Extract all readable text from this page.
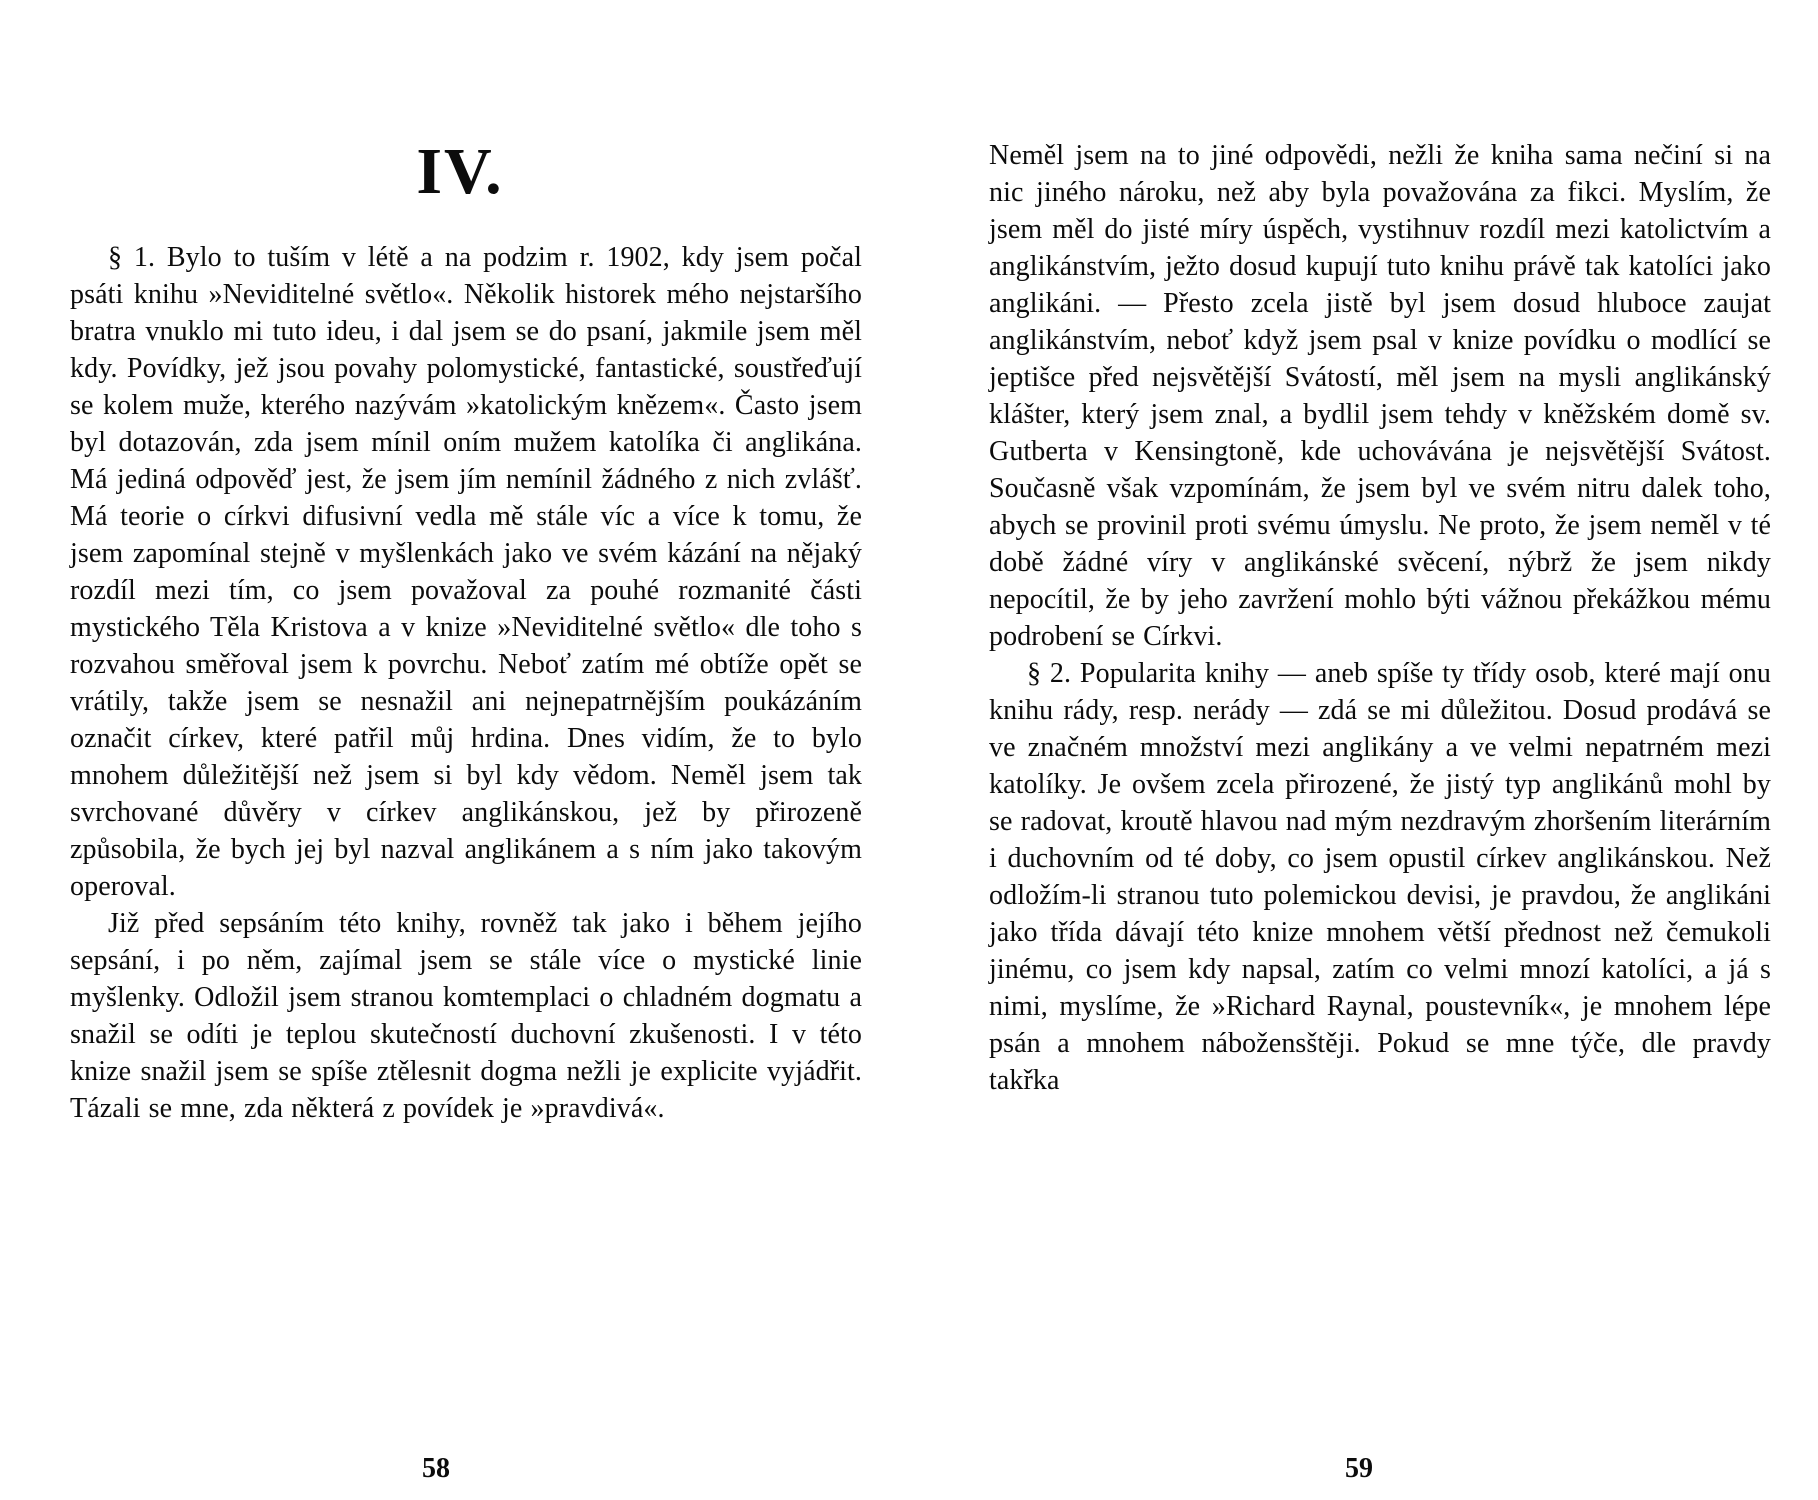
IV.

§ 1. Bylo to tuším v létě a na podzim r. 1902, kdy jsem počal psáti knihu »Neviditelné světlo«. Několik historek mého nejstaršího bratra vnuklo mi tuto ideu, i dal jsem se do psaní, jakmile jsem měl kdy. Povídky, jež jsou povahy polomystické, fantastické, soustřeďují se kolem muže, kterého nazývám »katolickým knězem«. Často jsem byl dotazován, zda jsem mínil oním mužem katolíka či anglikána. Má jediná odpověď jest, že jsem jím nemínil žádného z nich zvlášť. Má teorie o církvi difusivní vedla mě stále víc a více k tomu, že jsem zapomínal stejně v myšlenkách jako ve svém kázání na nějaký rozdíl mezi tím, co jsem považoval za pouhé rozmanité části mystického Těla Kristova a v knize »Neviditelné světlo« dle toho s rozvahou směřoval jsem k povrchu. Neboť zatím mé obtíže opět se vrátily, takže jsem se nesnažil ani nejnepatrnějším poukázáním označit církev, které patřil můj hrdina. Dnes vidím, že to bylo mnohem důležitější než jsem si byl kdy vědom. Neměl jsem tak svrchované důvěry v církev anglikánskou, jež by přirozeně způsobila, že bych jej byl nazval anglikánem a s ním jako takovým operoval.

Již před sepsáním této knihy, rovněž tak jako i během jejího sepsání, i po něm, zajímal jsem se stále více o mystické linie myšlenky. Odložil jsem stranou komtemplaci o chladném dogmatu a snažil se odíti je teplou skutečností duchovní zkušenosti. I v této knize snažil jsem se spíše ztělesnit dogma nežli je explicite vyjádřit. Tázali se mne, zda některá z povídek je »pravdivá«.

58

Neměl jsem na to jiné odpovědi, nežli že kniha sama nečiní si na nic jiného nároku, než aby byla považována za fikci. Myslím, že jsem měl do jisté míry úspěch, vystihnuv rozdíl mezi katolictvím a anglikánstvím, ježto dosud kupují tuto knihu právě tak katolíci jako anglikáni. — Přesto zcela jistě byl jsem dosud hluboce zaujat anglikánstvím, neboť když jsem psal v knize povídku o modlící se jeptišce před nejsvětější Svátostí, měl jsem na mysli anglikánský klášter, který jsem znal, a bydlil jsem tehdy v kněžském domě sv. Gutberta v Kensingtoně, kde uchovávána je nejsvětější Svátost. Současně však vzpomínám, že jsem byl ve svém nitru dalek toho, abych se provinil proti svému úmyslu. Ne proto, že jsem neměl v té době žádné víry v anglikánské svěcení, nýbrž že jsem nikdy nepocítil, že by jeho zavržení mohlo býti vážnou překážkou mému podrobení se Církvi.

§ 2. Popularita knihy — aneb spíše ty třídy osob, které mají onu knihu rády, resp. nerády — zdá se mi důležitou. Dosud prodává se ve značném množství mezi anglikány a ve velmi nepatrném mezi katolíky. Je ovšem zcela přirozené, že jistý typ anglikánů mohl by se radovat, kroutě hlavou nad mým nezdravým zhoršením literárním i duchovním od té doby, co jsem opustil církev anglikánskou. Než odložím-li stranou tuto polemickou devisi, je pravdou, že anglikáni jako třída dávají této knize mnohem větší přednost než čemukoli jinému, co jsem kdy napsal, zatím co velmi mnozí katolíci, a já s nimi, myslíme, že »Richard Raynal, poustevník«, je mnohem lépe psán a mnohem nábožensštěji. Pokud se mne týče, dle pravdy takřka

59
